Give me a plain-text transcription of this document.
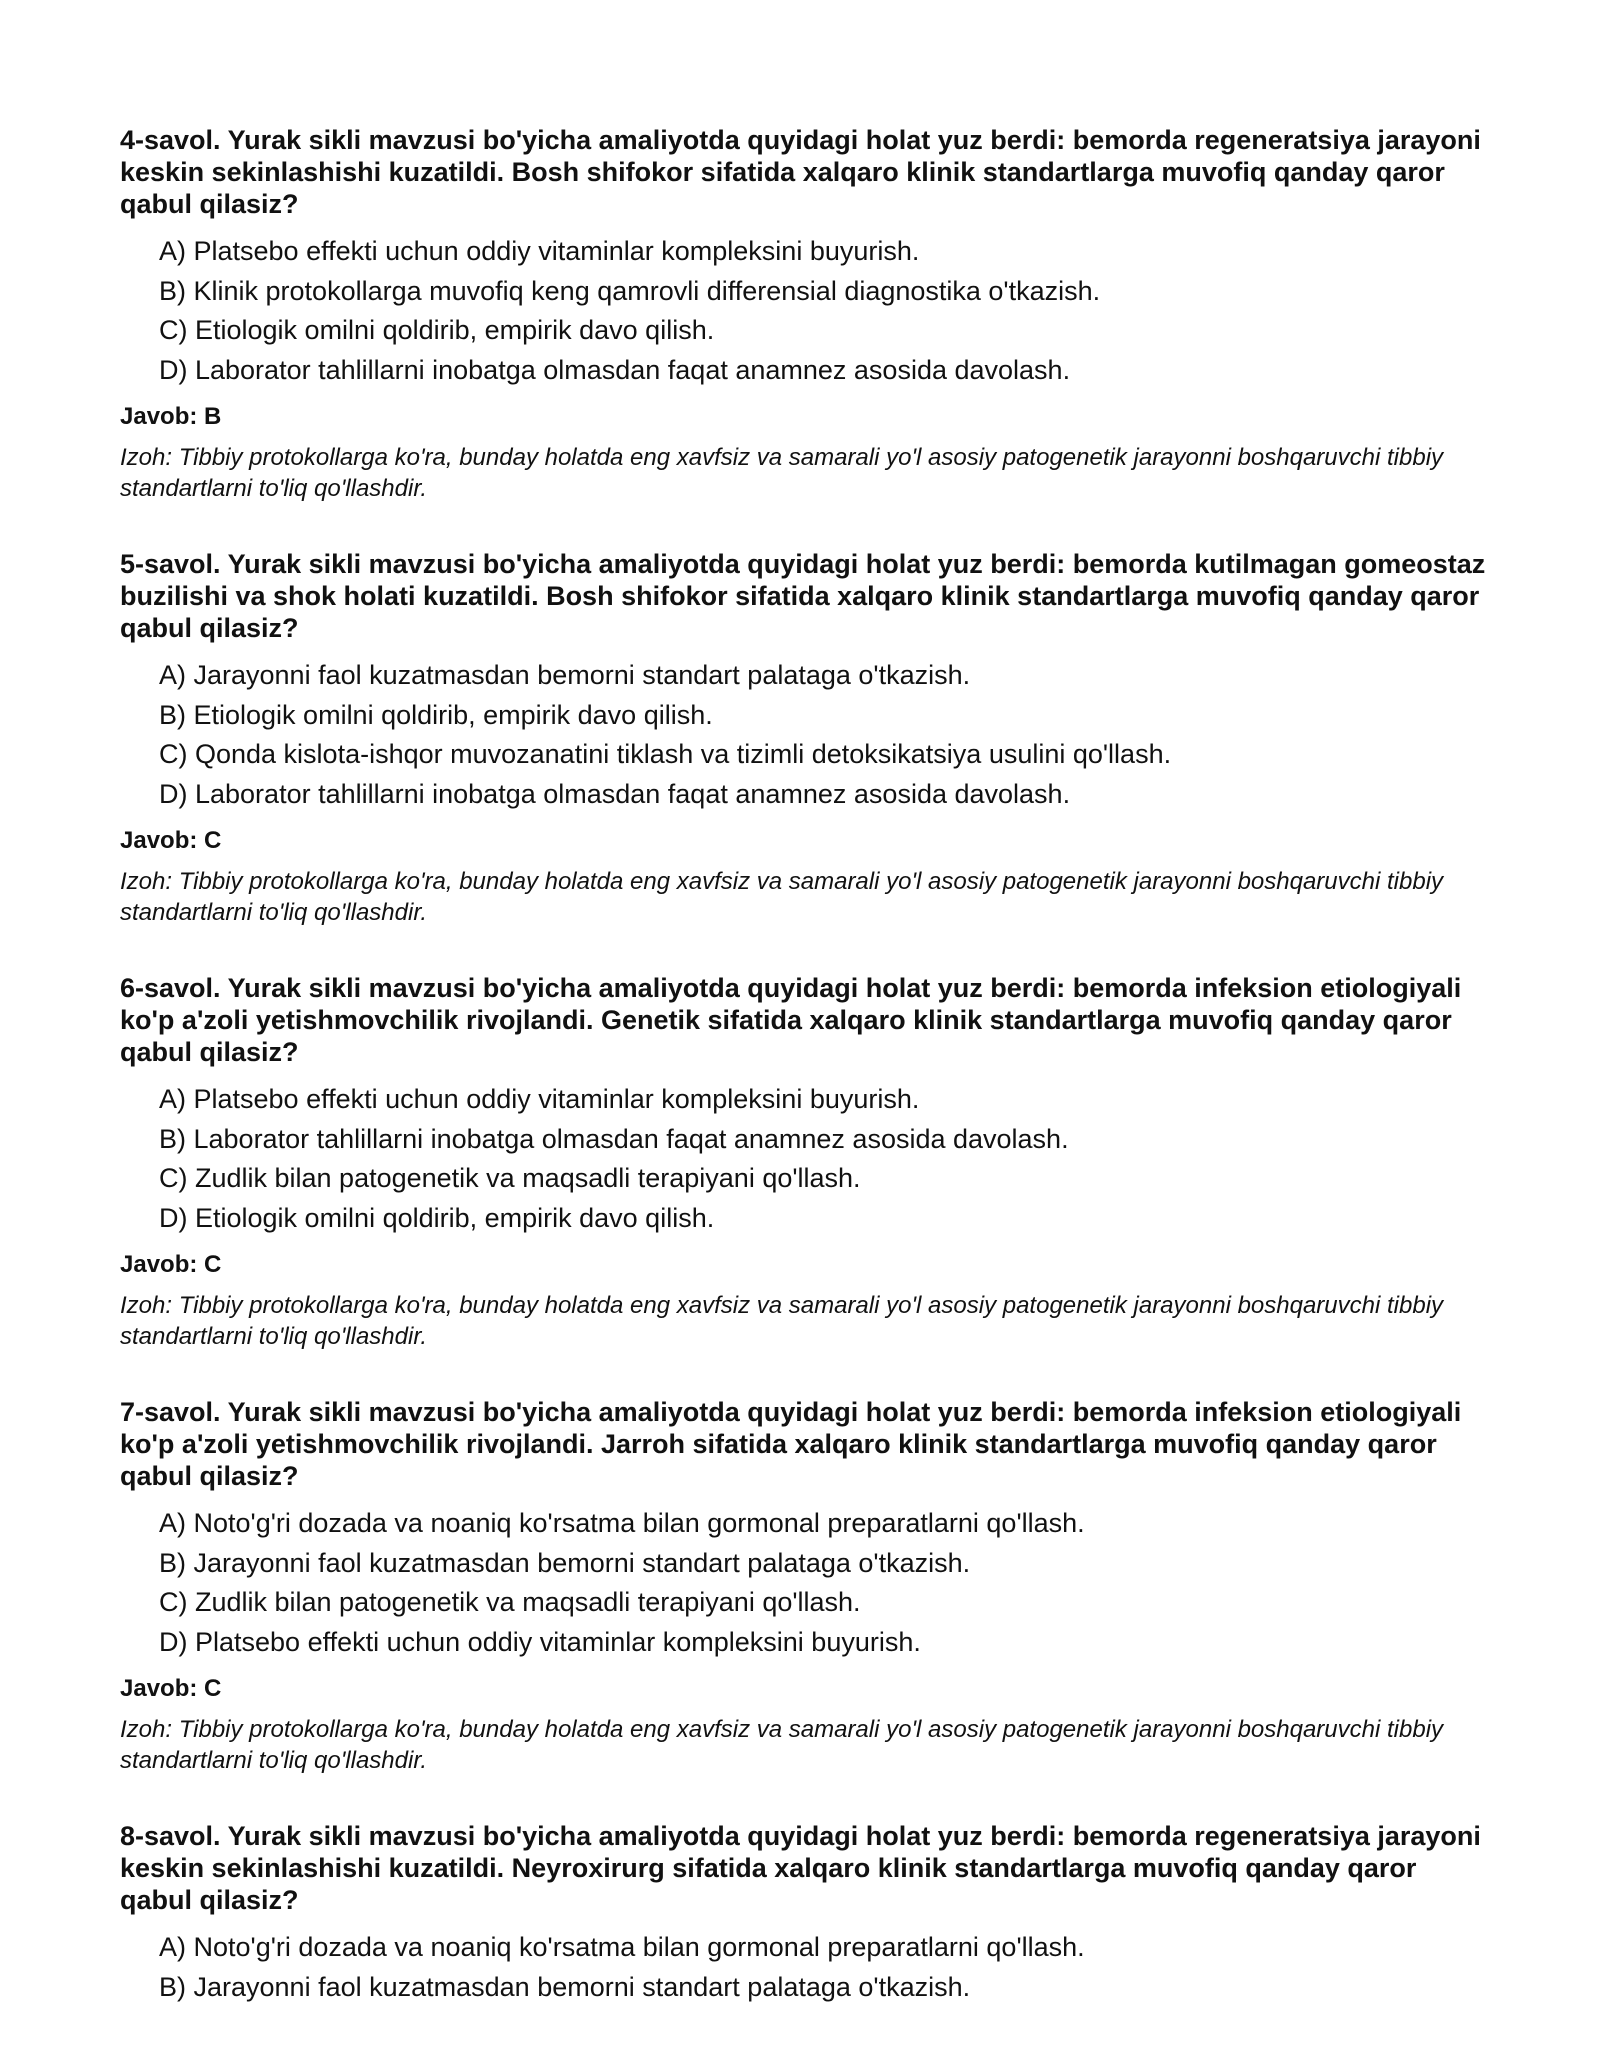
4-savol. Yurak sikli mavzusi bo'yicha amaliyotda quyidagi holat yuz berdi: bemorda regeneratsiya jarayoni keskin sekinlashishi kuzatildi. Bosh shifokor sifatida xalqaro klinik standartlarga muvofiq qanday qaror qabul qilasiz?

A) Platsebo effekti uchun oddiy vitaminlar kompleksini buyurish.
B) Klinik protokollarga muvofiq keng qamrovli differensial diagnostika o'tkazish.
C) Etiologik omilni qoldirib, empirik davo qilish.
D) Laborator tahlillarni inobatga olmasdan faqat anamnez asosida davolash.

Javob: B

Izoh: Tibbiy protokollarga ko'ra, bunday holatda eng xavfsiz va samarali yo'l asosiy patogenetik jarayonni boshqaruvchi tibbiy standartlarni to'liq qo'llashdir.

5-savol. Yurak sikli mavzusi bo'yicha amaliyotda quyidagi holat yuz berdi: bemorda kutilmagan gomeostaz buzilishi va shok holati kuzatildi. Bosh shifokor sifatida xalqaro klinik standartlarga muvofiq qanday qaror qabul qilasiz?

A) Jarayonni faol kuzatmasdan bemorni standart palataga o'tkazish.
B) Etiologik omilni qoldirib, empirik davo qilish.
C) Qonda kislota-ishqor muvozanatini tiklash va tizimli detoksikatsiya usulini qo'llash.
D) Laborator tahlillarni inobatga olmasdan faqat anamnez asosida davolash.

Javob: C

Izoh: Tibbiy protokollarga ko'ra, bunday holatda eng xavfsiz va samarali yo'l asosiy patogenetik jarayonni boshqaruvchi tibbiy standartlarni to'liq qo'llashdir.

6-savol. Yurak sikli mavzusi bo'yicha amaliyotda quyidagi holat yuz berdi: bemorda infeksion etiologiyali ko'p a'zoli yetishmovchilik rivojlandi. Genetik sifatida xalqaro klinik standartlarga muvofiq qanday qaror qabul qilasiz?

A) Platsebo effekti uchun oddiy vitaminlar kompleksini buyurish.
B) Laborator tahlillarni inobatga olmasdan faqat anamnez asosida davolash.
C) Zudlik bilan patogenetik va maqsadli terapiyani qo'llash.
D) Etiologik omilni qoldirib, empirik davo qilish.

Javob: C

Izoh: Tibbiy protokollarga ko'ra, bunday holatda eng xavfsiz va samarali yo'l asosiy patogenetik jarayonni boshqaruvchi tibbiy standartlarni to'liq qo'llashdir.

7-savol. Yurak sikli mavzusi bo'yicha amaliyotda quyidagi holat yuz berdi: bemorda infeksion etiologiyali ko'p a'zoli yetishmovchilik rivojlandi. Jarroh sifatida xalqaro klinik standartlarga muvofiq qanday qaror qabul qilasiz?

A) Noto'g'ri dozada va noaniq ko'rsatma bilan gormonal preparatlarni qo'llash.
B) Jarayonni faol kuzatmasdan bemorni standart palataga o'tkazish.
C) Zudlik bilan patogenetik va maqsadli terapiyani qo'llash.
D) Platsebo effekti uchun oddiy vitaminlar kompleksini buyurish.

Javob: C

Izoh: Tibbiy protokollarga ko'ra, bunday holatda eng xavfsiz va samarali yo'l asosiy patogenetik jarayonni boshqaruvchi tibbiy standartlarni to'liq qo'llashdir.

8-savol. Yurak sikli mavzusi bo'yicha amaliyotda quyidagi holat yuz berdi: bemorda regeneratsiya jarayoni keskin sekinlashishi kuzatildi. Neyroxirurg sifatida xalqaro klinik standartlarga muvofiq qanday qaror qabul qilasiz?

A) Noto'g'ri dozada va noaniq ko'rsatma bilan gormonal preparatlarni qo'llash.
B) Jarayonni faol kuzatmasdan bemorni standart palataga o'tkazish.
